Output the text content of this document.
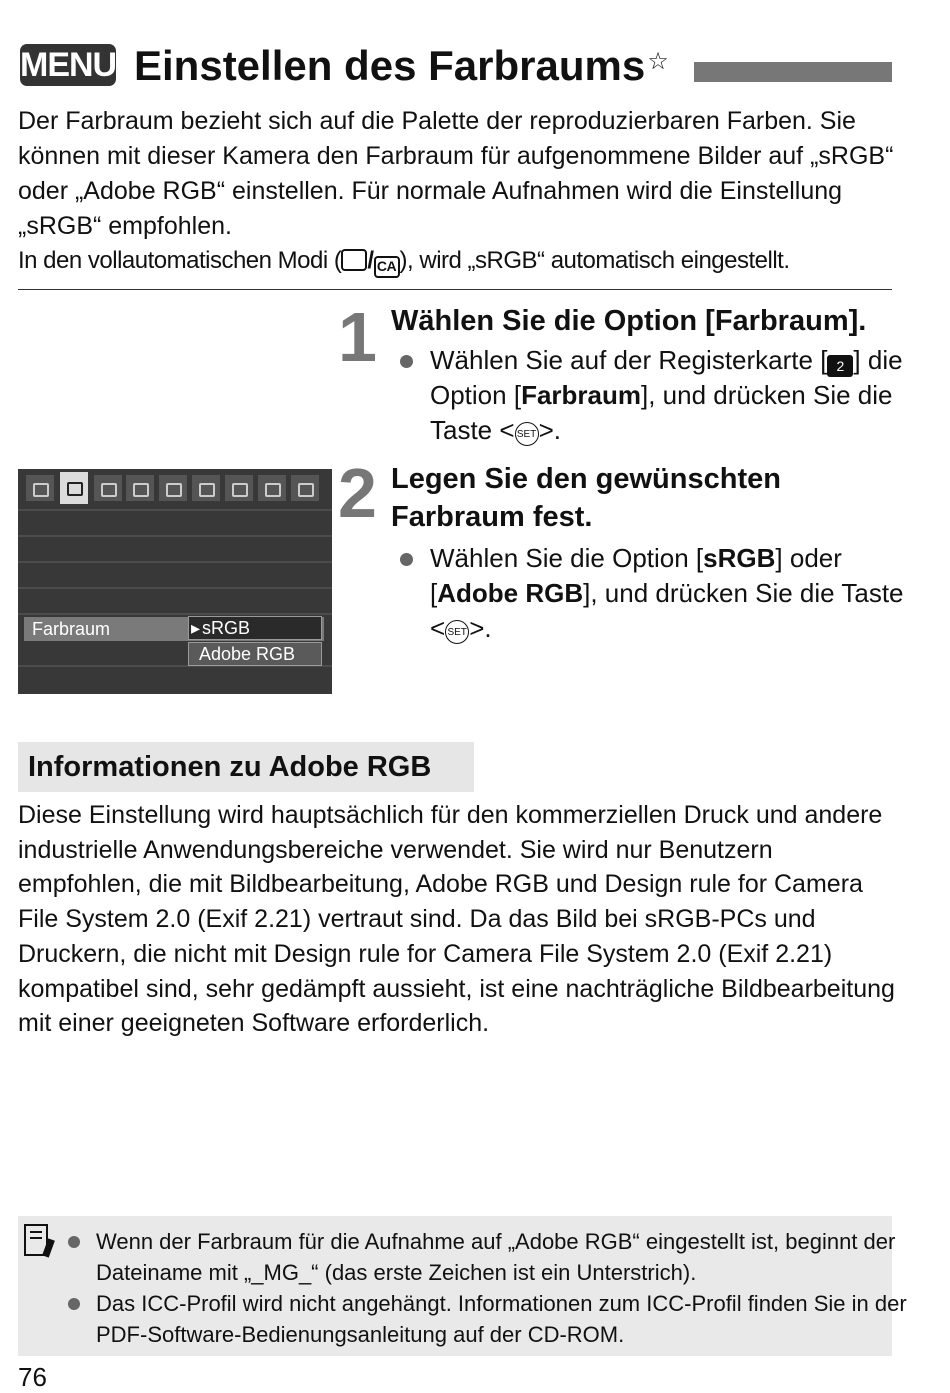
MENU Einstellen des Farbraums☆
Der Farbraum bezieht sich auf die Palette der reproduzierbaren Farben. Sie können mit dieser Kamera den Farbraum für aufgenommene Bilder auf „sRGB“ oder „Adobe RGB“ einstellen. Für normale Aufnahmen wird die Einstellung „sRGB“ empfohlen.
In den vollautomatischen Modi ( / CA ), wird „sRGB“ automatisch eingestellt.
1 Wählen Sie die Option [Farbraum].
Wählen Sie auf der Registerkarte [ 2 ] die Option [Farbraum], und drücken Sie die Taste < SET>.
2 Legen Sie den gewünschten Farbraum fest.
Wählen Sie die Option [sRGB] oder [Adobe RGB], und drücken Sie die Taste < SET>.
Farbraum	▸ sRGB
Adobe RGB
Informationen zu Adobe RGB
Diese Einstellung wird hauptsächlich für den kommerziellen Druck und andere industrielle Anwendungsbereiche verwendet. Sie wird nur Benutzern empfohlen, die mit Bildbearbeitung, Adobe RGB und Design rule for Camera File System 2.0 (Exif 2.21) vertraut sind. Da das Bild bei sRGB-PCs und Druckern, die nicht mit Design rule for Camera File System 2.0 (Exif 2.21) kompatibel sind, sehr gedämpft aussieht, ist eine nachträgliche Bildbearbeitung mit einer geeigneten Software erforderlich.
Wenn der Farbraum für die Aufnahme auf „Adobe RGB“ eingestellt ist, beginnt der Dateiname mit „_MG_“ (das erste Zeichen ist ein Unterstrich).
Das ICC-Profil wird nicht angehängt. Informationen zum ICC-Profil finden Sie in der PDF-Software-Bedienungsanleitung auf der CD-ROM.
76
